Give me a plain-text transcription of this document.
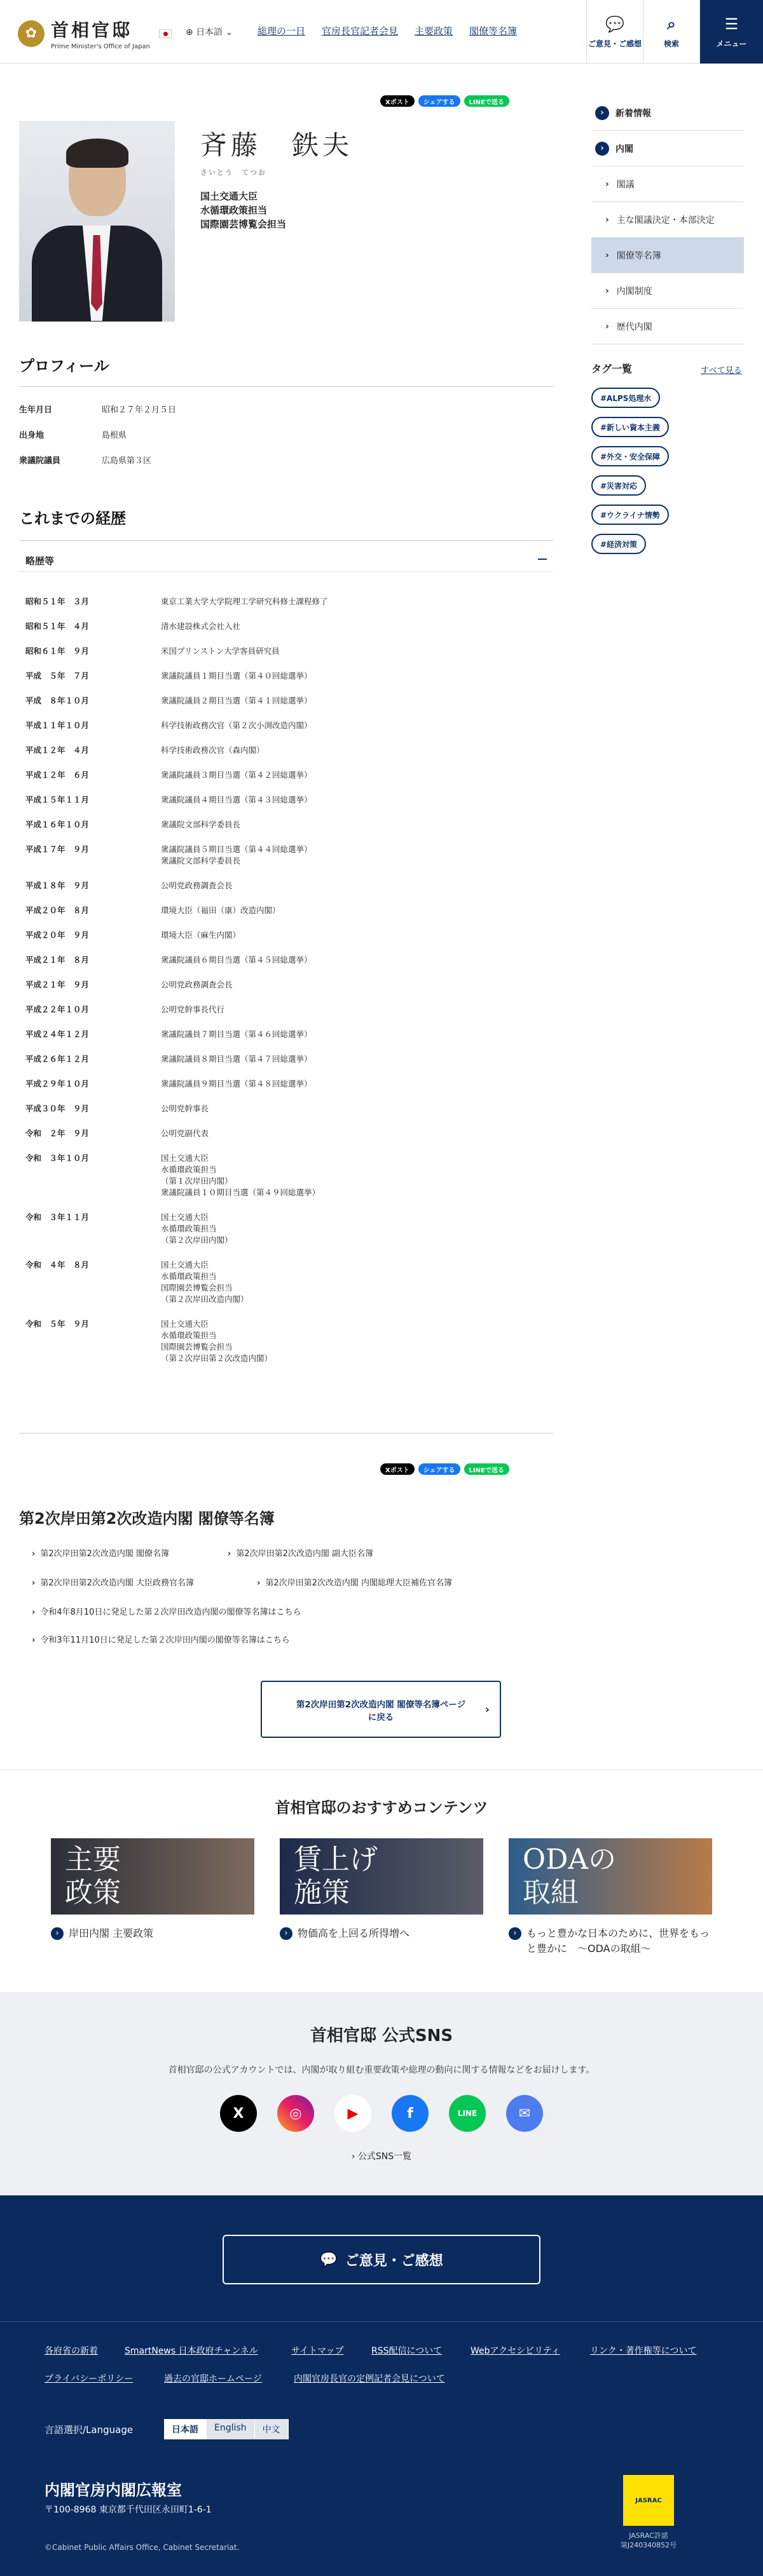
✿ 首相官邸
Prime Minister's Office of Japan
⊕ 日本語 ⌄	総理の一日 官房長官記者会見 主要政策 閣僚等名簿	💬
ご意見・ご感想
⌕
検索
☰
メニュー
Xポスト	シェアする	LINEで送る
斉藤　鉄夫
さいとう　てつお
国土交通大臣
水循環政策担当
国際園芸博覧会担当
プロフィール
生年月日	昭和２７年２月５日
出身地	島根県
衆議院議員	広島県第３区
これまでの経歴
略歴等
昭和５１年　３月	東京工業大学大学院理工学研究科修士課程修了
昭和５１年　４月	清水建設株式会社入社
昭和６１年　９月	米国プリンストン大学客員研究員
平成　５年　７月	衆議院議員１期目当選（第４０回総選挙）
平成　８年１０月	衆議院議員２期目当選（第４１回総選挙）
平成１１年１０月	科学技術政務次官（第２次小渕改造内閣）
平成１２年　４月	科学技術政務次官（森内閣）
平成１２年　６月	衆議院議員３期目当選（第４２回総選挙）
平成１５年１１月	衆議院議員４期目当選（第４３回総選挙）
平成１６年１０月	衆議院文部科学委員長
平成１７年　９月	衆議院議員５期目当選（第４４回総選挙）
衆議院文部科学委員長
平成１８年　９月	公明党政務調査会長
平成２０年　８月	環境大臣（福田（康）改造内閣）
平成２０年　９月	環境大臣（麻生内閣）
平成２１年　８月	衆議院議員６期目当選（第４５回総選挙）
平成２１年　９月	公明党政務調査会長
平成２２年１０月	公明党幹事長代行
平成２４年１２月	衆議院議員７期目当選（第４６回総選挙）
平成２６年１２月	衆議院議員８期目当選（第４７回総選挙）
平成２９年１０月	衆議院議員９期目当選（第４８回総選挙）
平成３０年　９月	公明党幹事長
令和　２年　９月	公明党副代表
令和　３年１０月	国土交通大臣
水循環政策担当
（第１次岸田内閣）
衆議院議員１０期目当選（第４９回総選挙）
令和　３年１１月	国土交通大臣
水循環政策担当
（第２次岸田内閣）
令和　４年　８月	国土交通大臣
水循環政策担当
国際園芸博覧会担当
（第２次岸田改造内閣）
令和　５年　９月	国土交通大臣
水循環政策担当
国際園芸博覧会担当
（第２次岸田第２次改造内閣）
Xポスト	シェアする	LINEで送る
第2次岸田第2次改造内閣 閣僚等名簿
› 第2次岸田第2次改造内閣 閣僚名簿	› 第2次岸田第2次改造内閣 副大臣名簿
› 第2次岸田第2次改造内閣 大臣政務官名簿	› 第2次岸田第2次改造内閣 内閣総理大臣補佐官名簿
› 令和4年8月10日に発足した第２次岸田改造内閣の閣僚等名簿はこちら
› 令和3年11月10日に発足した第２次岸田内閣の閣僚等名簿はこちら
第2次岸田第2次改造内閣 閣僚等名簿ページ
に戻る
›
›	新着情報
›	内閣
› 閣議
› 主な閣議決定・本部決定
› 閣僚等名簿
› 内閣制度
› 歴代内閣
タグ一覧	すべて見る
#ALPS処理水
#新しい資本主義
#外交・安全保障
#災害対応
#ウクライナ情勢
#経済対策
首相官邸のおすすめコンテンツ
主要
政策
› 岸田内閣 主要政策
賃上げ
施策
› 物価高を上回る所得増へ
ODAの
取組
› もっと豊かな日本のために、世界をもっと豊かに　〜ODAの取組〜
首相官邸 公式SNS
首相官邸の公式アカウントでは、内閣が取り組む重要政策や総理の動向に関する情報などをお届けします。
X	◎	▶	f	LINE	✉
› 公式SNS一覧
💬 ご意見・ご感想
各府省の新着	SmartNews 日本政府チャンネル	サイトマップ	RSS配信について	Webアクセシビリティ	リンク・著作権等について
プライバシーポリシー	過去の官邸ホームページ	内閣官房長官の定例記者会見について
言語選択/Language	日本語	English	中文
内閣官房内閣広報室
〒100-8968 東京都千代田区永田町1-6-1
©Cabinet Public Affairs Office, Cabinet Secretariat.
JASRAC
JASRAC許諾
第J240340852号
